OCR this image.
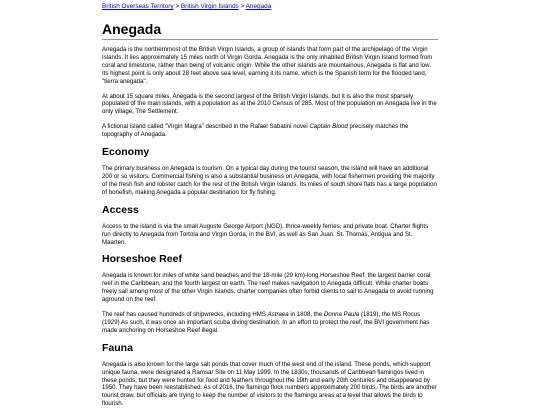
British Overseas Territory > British Virgin Islands > Anegada
Anegada

Anegada is the northernmost of the British Virgin Islands, a group of islands that form part of the archipelago of the Virgin Islands. It lies approximately 15 miles north of Virgin Gorda. Anegada is the only inhabited British Virgin Island formed from coral and limestone, rather than being of volcanic origin. While the other islands are mountainous, Anegada is flat and low. Its highest point is only about 28 feet above sea level, earning it its name, which is the Spanish term for the flooded land, "tierra anegada".

At about 15 square miles, Anegada is the second largest of the British Virgin Islands, but it is also the most sparsely populated of the main islands, with a population as at the 2010 Census of 285. Most of the population on Anegada live in the only village, The Settlement.

A fictional island called "Virgin Magra" described in the Rafael Sabatini novel Captain Blood precisely matches the topography of Anegada.

Economy

The primary business on Anegada is tourism. On a typical day during the tourist season, the island will have an additional 200 or so visitors. Commercial fishing is also a substantial business on Anegada, with local fishermen providing the majority of the fresh fish and lobster catch for the rest of the British Virgin Islands. Its miles of south shore flats has a large population of bonefish, making Anegada a popular destination for fly fishing.

Access

Access to the island is via the small Auguste George Airport (NGD), thrice-weekly ferries, and private boat. Charter flights run directly to Anegada from Tortola and Virgin Gorda, in the BVI, as well as San Juan, St. Thomas, Antigua and St. Maarten.

Horseshoe Reef

Anegada is known for miles of white sand beaches and the 18-mile (29 km)-long Horseshoe Reef, the largest barrier coral reef in the Caribbean, and the fourth largest on earth. The reef makes navigation to Anegada difficult. While charter boats freely sail among most of the other Virgin Islands, charter companies often forbid clients to sail to Anegada to avoid running aground on the reef.

The reef has caused hundreds of shipwrecks, including HMS Astraea in 1808, the Donna Paula (1819), the MS Rocus (1929) As such, it was once an important scuba diving destination. In an effort to protect the reef, the BVI government has made anchoring on Horseshoe Reef illegal.

Fauna

Anegada is also known for the large salt ponds that cover much of the west end of the island. These ponds, which support unique fauna, were designated a Ramsar Site on 11 May 1999. In the 1830s, thousands of Caribbean flamingos lived in these ponds, but they were hunted for food and feathers throughout the 19th and early 20th centuries and disappeared by 1950. They have been reestablished. As of 2016, the flamingo flock numbers approximately 200 birds. The birds are another tourist draw, but officials are trying to keep the number of visitors to the flamingo areas at a level that allows the birds to flourish.
